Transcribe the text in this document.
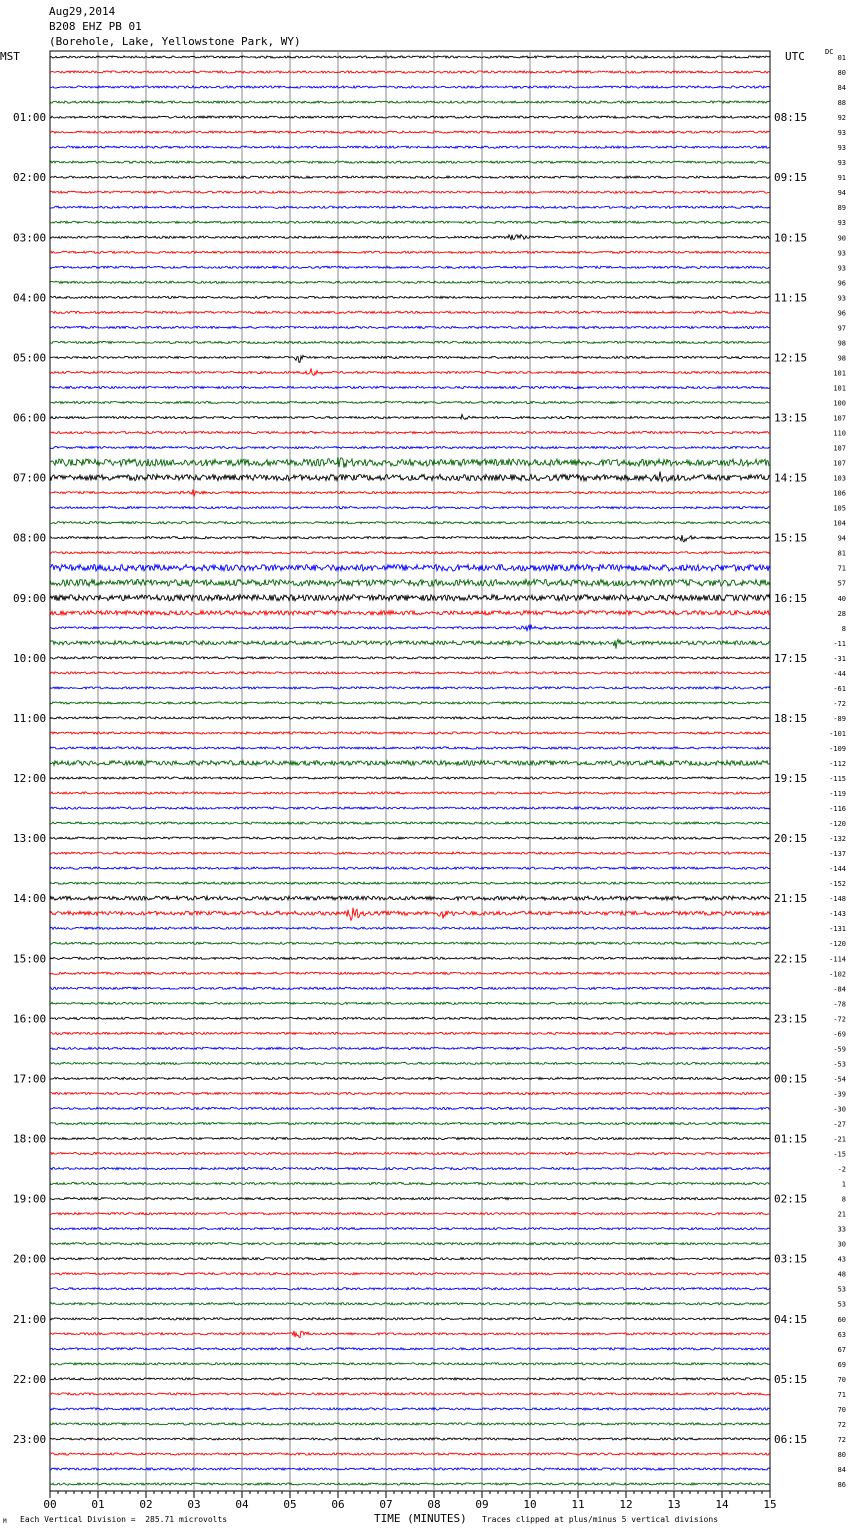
Aug29,2014
B208 EHZ PB 01
(Borehole, Lake, Yellowstone Park, WY)
MST	UTC	DC
01:00
02:00
03:00
04:00
05:00
06:00
07:00
08:00
09:00
10:00
11:00
12:00
13:00
14:00
15:00
16:00
17:00
18:00
19:00
20:00
21:00
22:00
23:00
08:15
09:15
10:15
11:15
12:15
13:15
14:15
15:15
16:15
17:15
18:15
19:15
20:15
21:15
22:15
23:15
00:15
01:15
02:15
03:15
04:15
05:15
06:15
01
80
84
88
92
93
93
93
91
94
89
93
90
93
93
96
93
96
97
98
98
101
101
100
107
110
107
107
103
106
105
104
94
81
71
57
40
28
8
-11
-31
-44
-61
-72
-89
-101
-109
-112
-115
-119
-116
-120
-132
-137
-144
-152
-148
-143
-131
-120
-114
-102
-84
-78
-72
-69
-59
-53
-54
-39
-30
-27
-21
-15
-2
1
8
21
33
30
43
48
53
53
60
63
67
69
70
71
70
72
72
80
84
86
00	01	02	03	04	05	06	07	08	09	10	11	12	13	14	15
M Each Vertical Division =  285.71 microvolts	TIME (MINUTES) Traces clipped at plus/minus 5 vertical divisions
